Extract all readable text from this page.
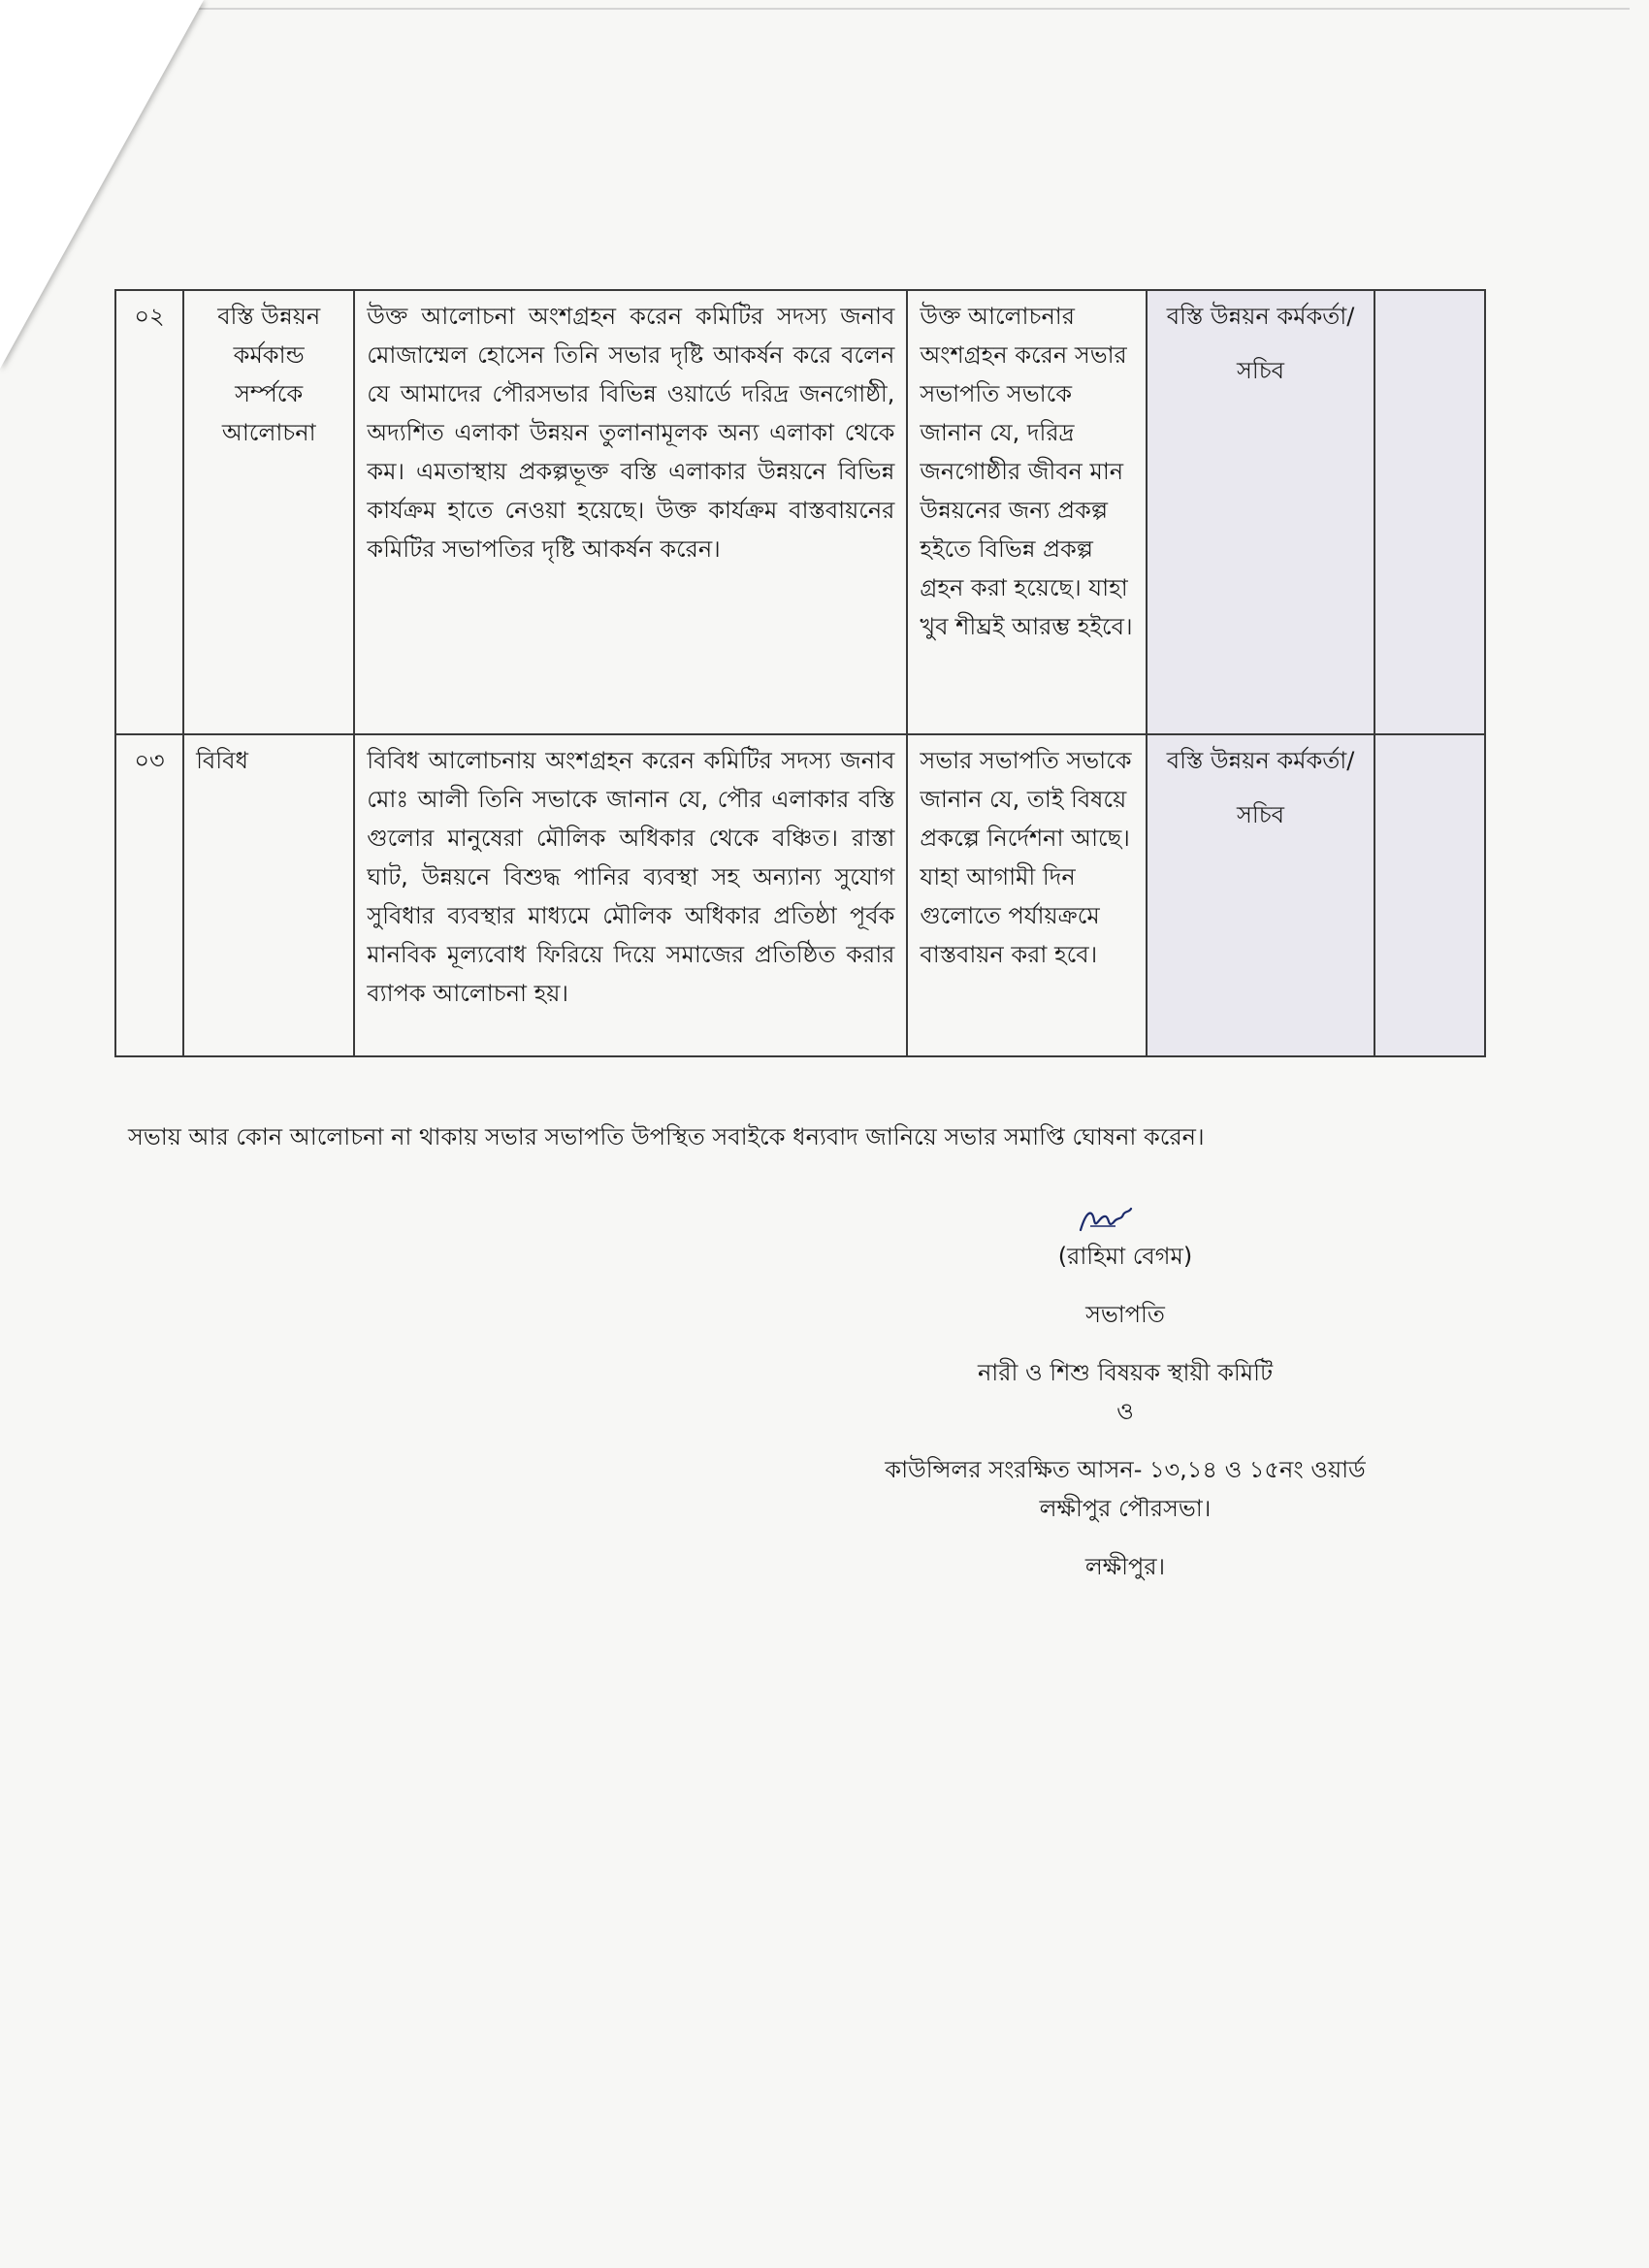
০২	বস্তি উন্নয়ন কর্মকান্ড সর্ম্পকে আলোচনা	উক্ত আলোচনা অংশগ্রহন করেন কমিটির সদস্য জনাব মোজাম্মেল হোসেন তিনি সভার দৃষ্টি আকর্ষন করে বলেন যে আমাদের পৌরসভার বিভিন্ন ওয়ার্ডে দরিদ্র জনগোষ্ঠী, অদ্যশিত এলাকা উন্নয়ন তুলানামূলক অন্য এলাকা থেকে কম। এমতাস্থায় প্রকল্পভূক্ত বস্তি এলাকার উন্নয়নে বিভিন্ন কার্যক্রম হাতে নেওয়া হয়েছে। উক্ত কার্যক্রম বাস্তবায়নের কমিটির সভাপতির দৃষ্টি আকর্ষন করেন।	উক্ত আলোচনার অংশগ্রহন করেন সভার সভাপতি সভাকে জানান যে, দরিদ্র জনগোষ্ঠীর জীবন মান উন্নয়নের জন্য প্রকল্প হইতে বিভিন্ন প্রকল্প গ্রহন করা হয়েছে। যাহা খুব শীঘ্রই আরম্ভ হইবে।	বস্তি উন্নয়ন কর্মকর্তা/
সচিব	

০৩	বিবিধ	বিবিধ আলোচনায় অংশগ্রহন করেন কমিটির সদস্য জনাব মোঃ আলী তিনি সভাকে জানান যে, পৌর এলাকার বস্তি গুলোর মানুষেরা মৌলিক অধিকার থেকে বঞ্চিত। রাস্তা ঘাট, উন্নয়নে বিশুদ্ধ পানির ব্যবস্থা সহ অন্যান্য সুযোগ সুবিধার ব্যবস্থার মাধ্যমে মৌলিক অধিকার প্রতিষ্ঠা পূর্বক মানবিক মূল্যবোধ ফিরিয়ে দিয়ে সমাজের প্রতিষ্ঠিত করার ব্যাপক আলোচনা হয়।	সভার সভাপতি সভাকে জানান যে, তাই বিষয়ে প্রকল্পে নির্দেশনা আছে। যাহা আগামী দিন গুলোতে পর্যায়ক্রমে বাস্তবায়ন করা হবে।	বস্তি উন্নয়ন কর্মকর্তা/
সচিব	

সভায় আর কোন আলোচনা না থাকায় সভার সভাপতি উপস্থিত সবাইকে ধন্যবাদ জানিয়ে সভার সমাপ্তি ঘোষনা করেন।
(রাহিমা বেগম)
সভাপতি
নারী ও শিশু বিষয়ক স্থায়ী কমিটি
ও
কাউন্সিলর সংরক্ষিত আসন- ১৩,১৪ ও ১৫নং ওয়ার্ড
লক্ষীপুর পৌরসভা।
লক্ষীপুর।
